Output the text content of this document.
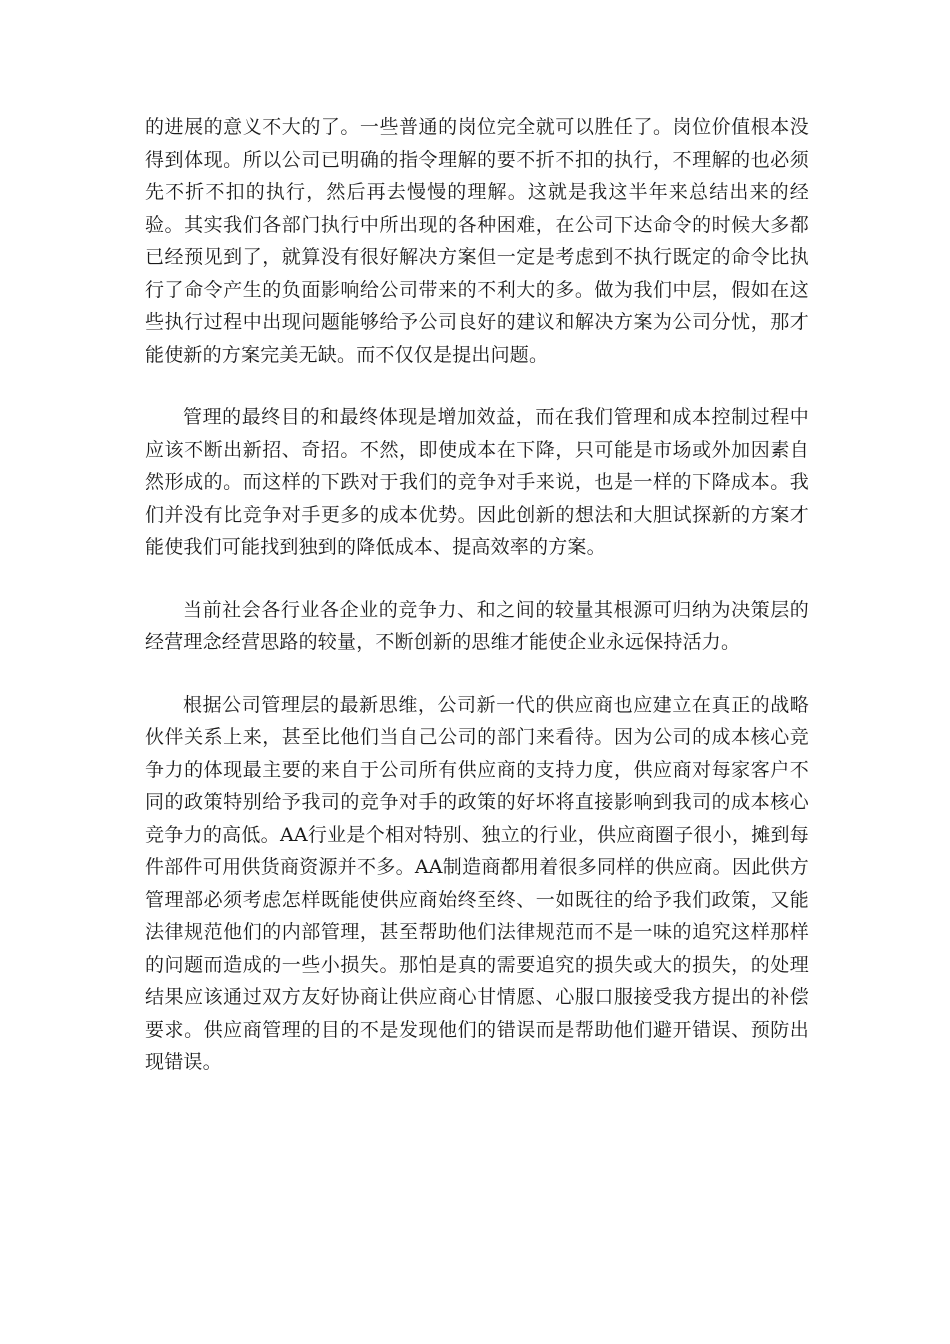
的进展的意义不大的了。一些普通的岗位完全就可以胜任了。岗位价值根本没得到体现。所以公司已明确的指令理解的要不折不扣的执行，不理解的也必须先不折不扣的执行，然后再去慢慢的理解。这就是我这半年来总结出来的经验。其实我们各部门执行中所出现的各种困难，在公司下达命令的时候大多都已经预见到了，就算没有很好解决方案但一定是考虑到不执行既定的命令比执行了命令产生的负面影响给公司带来的不利大的多。做为我们中层，假如在这些执行过程中出现问题能够给予公司良好的建议和解决方案为公司分忧，那才能使新的方案完美无缺。而不仅仅是提出问题。

管理的最终目的和最终体现是增加效益，而在我们管理和成本控制过程中应该不断出新招、奇招。不然，即使成本在下降，只可能是市场或外加因素自然形成的。而这样的下跌对于我们的竞争对手来说，也是一样的下降成本。我们并没有比竞争对手更多的成本优势。因此创新的想法和大胆试探新的方案才能使我们可能找到独到的降低成本、提高效率的方案。

当前社会各行业各企业的竞争力、和之间的较量其根源可归纳为决策层的经营理念经营思路的较量，不断创新的思维才能使企业永远保持活力。

根据公司管理层的最新思维，公司新一代的供应商也应建立在真正的战略伙伴关系上来，甚至比他们当自己公司的部门来看待。因为公司的成本核心竞争力的体现最主要的来自于公司所有供应商的支持力度，供应商对每家客户不同的政策特别给予我司的竞争对手的政策的好坏将直接影响到我司的成本核心竞争力的高低。AA行业是个相对特别、独立的行业，供应商圈子很小，摊到每件部件可用供货商资源并不多。AA制造商都用着很多同样的供应商。因此供方管理部必须考虑怎样既能使供应商始终至终、一如既往的给予我们政策，又能法律规范他们的内部管理，甚至帮助他们法律规范而不是一味的追究这样那样的问题而造成的一些小损失。那怕是真的需要追究的损失或大的损失，的处理结果应该通过双方友好协商让供应商心甘情愿、心服口服接受我方提出的补偿要求。供应商管理的目的不是发现他们的错误而是帮助他们避开错误、预防出现错误。
